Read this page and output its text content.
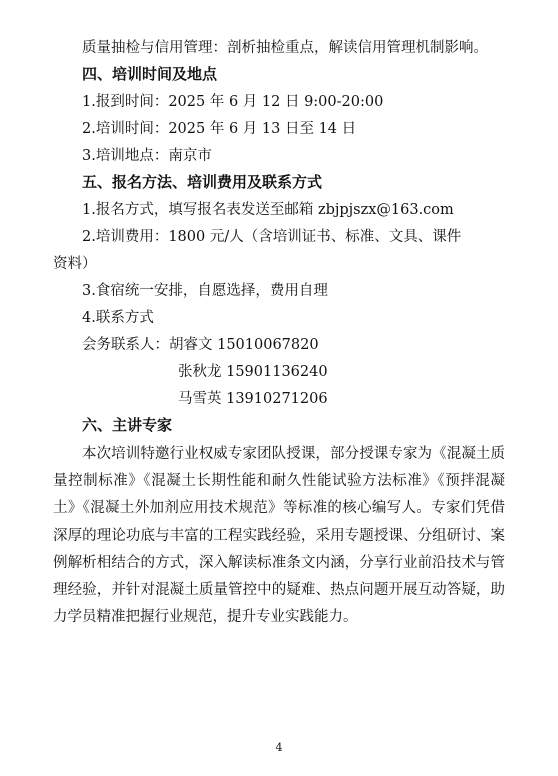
质量抽检与信用管理：剖析抽检重点，解读信用管理机制影响。
四、培训时间及地点
1.报到时间：2025 年 6 月 12 日 9:00-20:00
2.培训时间：2025 年 6 月 13 日至 14 日
3.培训地点：南京市
五、报名方法、培训费用及联系方式
1.报名方式，填写报名表发送至邮箱 zbjpjszx@163.com
2.培训费用：1800 元/人（含培训证书、标准、文具、课件
资料）
3.食宿统一安排，自愿选择，费用自理
4.联系方式
会务联系人：胡睿文 15010067820
张秋龙 15901136240
马雪英 13910271206
六、主讲专家
本次培训特邀行业权威专家团队授课，部分授课专家为《混凝土质量控制标准》《混凝土长期性能和耐久性能试验方法标准》《预拌混凝土》《混凝土外加剂应用技术规范》等标准的核心编写人。专家们凭借深厚的理论功底与丰富的工程实践经验，采用专题授课、分组研讨、案例解析相结合的方式，深入解读标准条文内涵，分享行业前沿技术与管理经验，并针对混凝土质量管控中的疑难、热点问题开展互动答疑，助力学员精准把握行业规范，提升专业实践能力。
4
